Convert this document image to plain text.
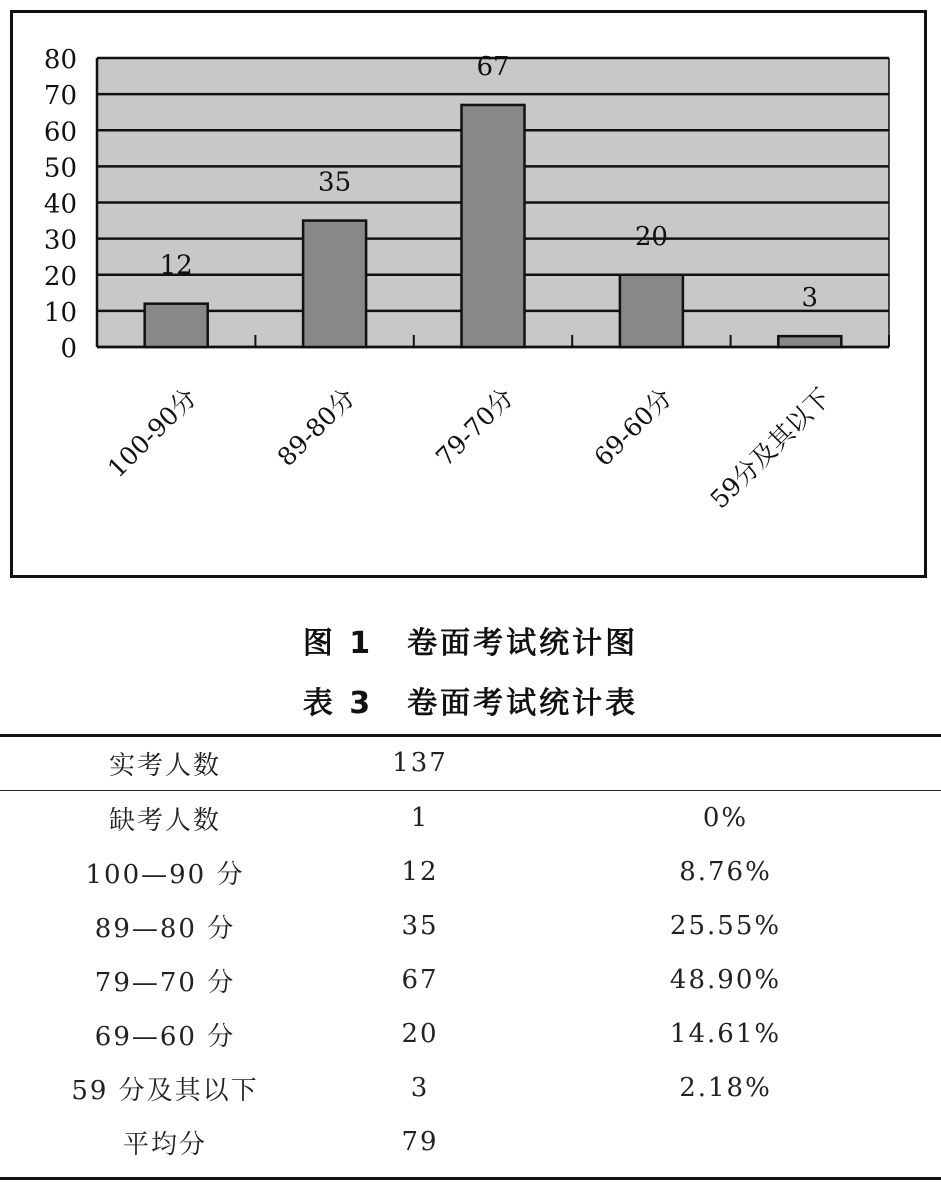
0
10
20
30
40
50
60
70
80
12
100-90分
35
89-80分
67
79-70分
20
69-60分
3
59分及其以下
图 1 卷面考试统计图
表 3 卷面考试统计表
实考人数	137	
缺考人数	1	0%
100—90 分	12	8.76%
89—80 分	35	25.55%
79—70 分	67	48.90%
69—60 分	20	14.61%
59 分及其以下	3	2.18%
平均分	79	
